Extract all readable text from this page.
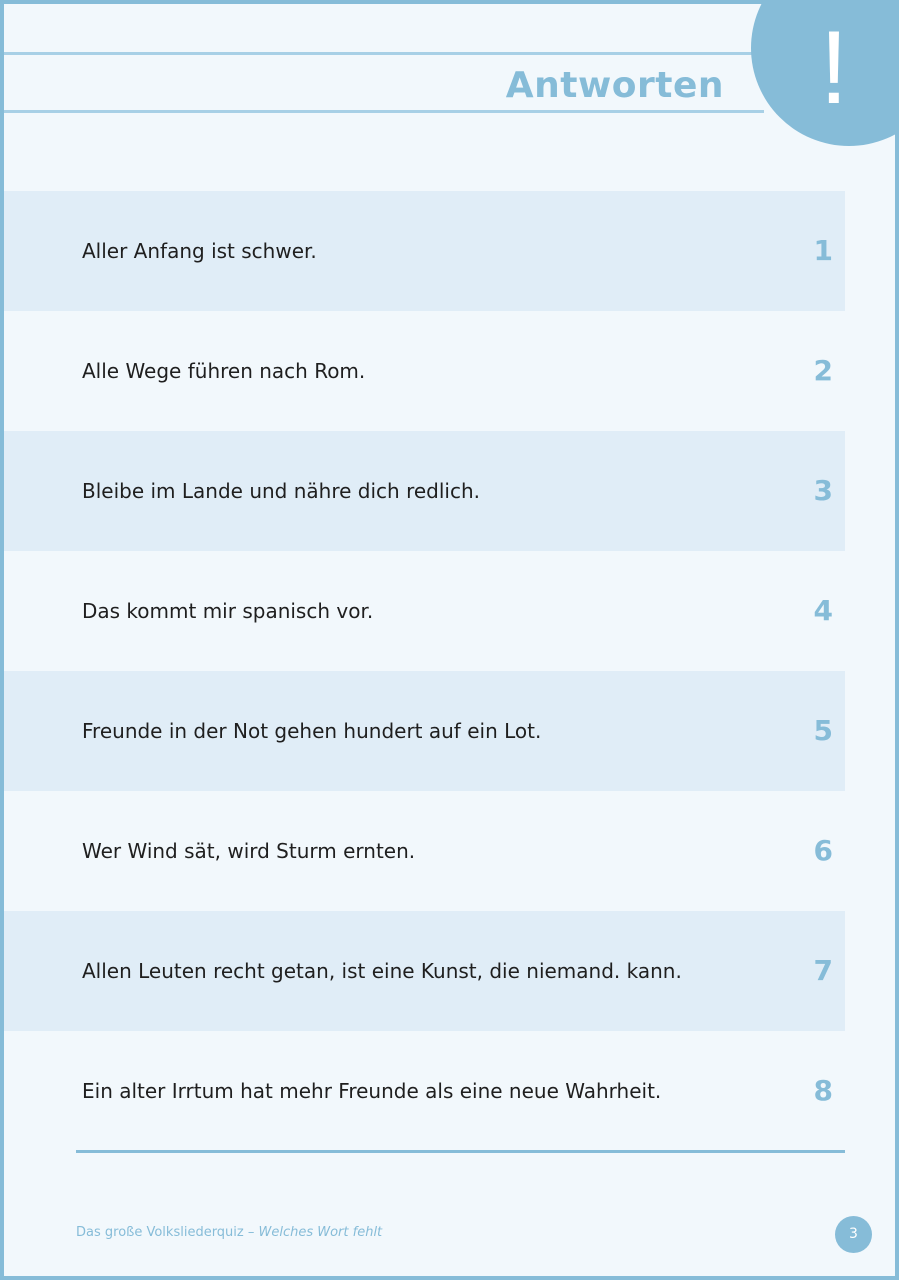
Antworten !
Aller Anfang ist schwer.	1
Alle Wege führen nach Rom.	2
Bleibe im Lande und nähre dich redlich.	3
Das kommt mir spanisch vor.	4
Freunde in der Not gehen hundert auf ein Lot.	5
Wer Wind sät, wird Sturm ernten.	6
Allen Leuten recht getan, ist eine Kunst, die niemand. kann.	7
Ein alter Irrtum hat mehr Freunde als eine neue Wahrheit.	8
Das große Volksliederquiz – Welches Wort fehlt	3
